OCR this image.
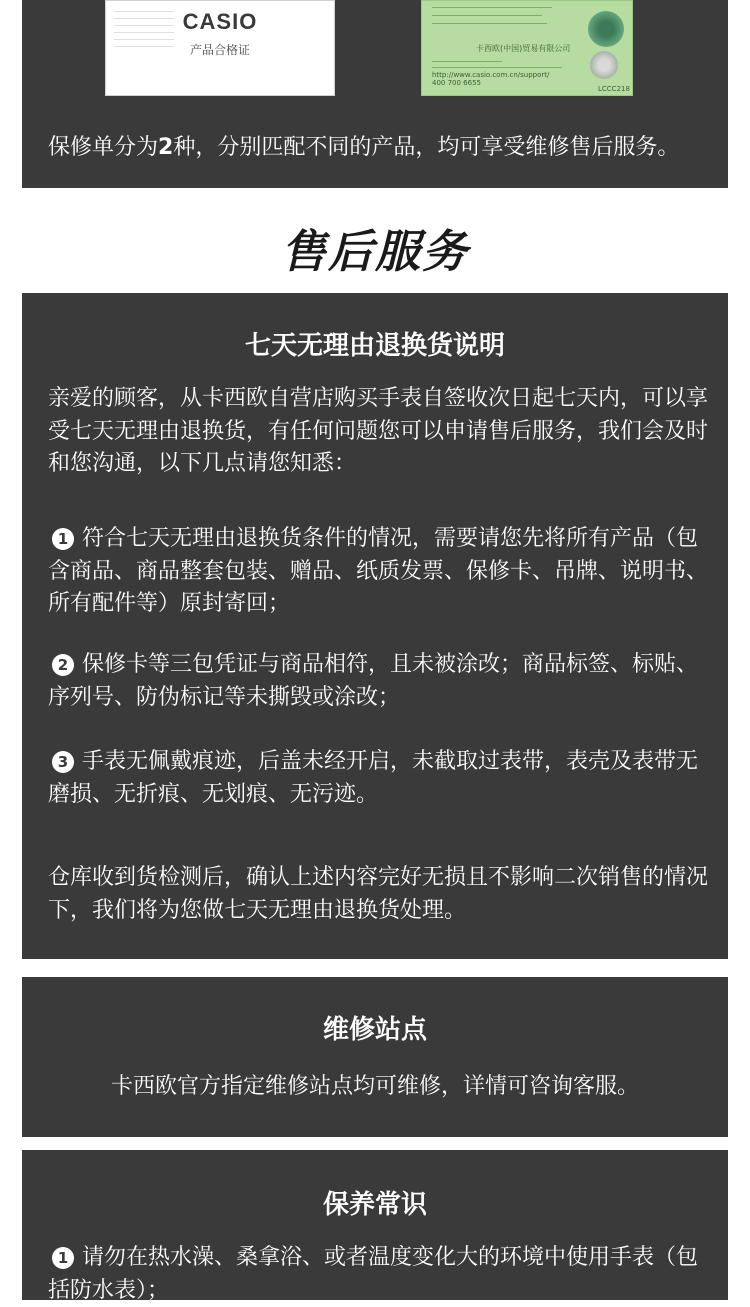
CASIO
产品合格证	卡西欧(中国)贸易有限公司
http://www.casio.com.cn/support/
400 700 6655
LCCC218
保修单分为2种，分别匹配不同的产品，均可享受维修售后服务。
售后服务
七天无理由退换货说明

亲爱的顾客，从卡西欧自营店购买手表自签收次日起七天内，可以享受七天无理由退换货，有任何问题您可以申请售后服务，我们会及时和您沟通，以下几点请您知悉：

1 符合七天无理由退换货条件的情况，需要请您先将所有产品（包含商品、商品整套包装、赠品、纸质发票、保修卡、吊牌、说明书、所有配件等）原封寄回；

2 保修卡等三包凭证与商品相符，且未被涂改；商品标签、标贴、序列号、防伪标记等未撕毁或涂改；

3 手表无佩戴痕迹，后盖未经开启，未截取过表带，表壳及表带无磨损、无折痕、无划痕、无污迹。

仓库收到货检测后，确认上述内容完好无损且不影响二次销售的情况下，我们将为您做七天无理由退换货处理。

维修站点
卡西欧官方指定维修站点均可维修，详情可咨询客服。
保养常识

1 请勿在热水澡、桑拿浴、或者温度变化大的环境中使用手表（包括防水表）；
